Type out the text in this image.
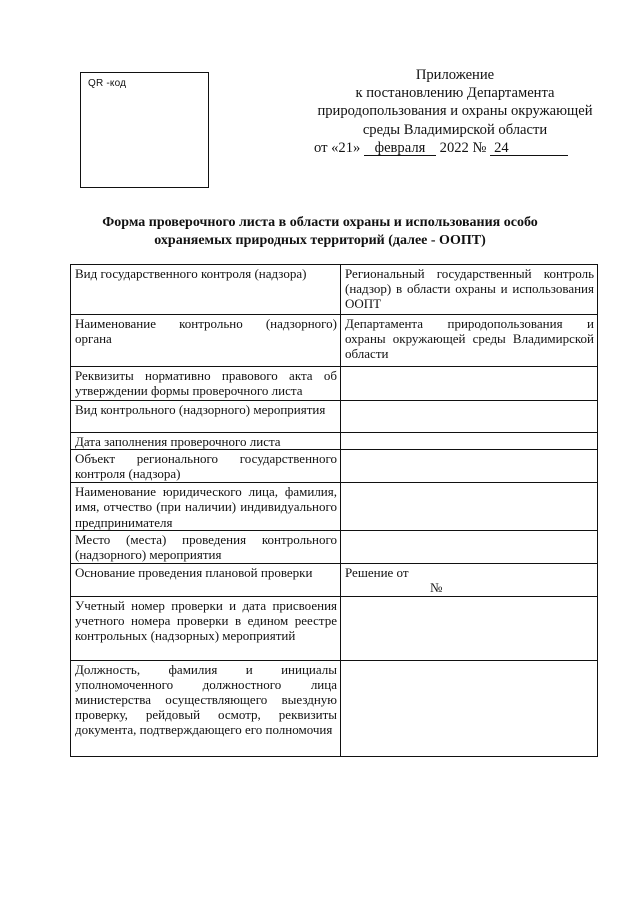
QR -код
Приложение
к постановлению Департамента
природопользования и охраны окружающей
среды Владимирской области
от «21» февраля 2022 № 24
Форма проверочного листа в области охраны и использования особо
охраняемых природных территорий (далее - ООПТ)
Вид государственного контроля (надзора)	Региональный государственный контроль (надзор) в области охраны и использования ООПТ
Наименование контрольно (надзорного) органа	Департамента природопользования и охраны окружающей среды Владимирской области
Реквизиты нормативно правового акта об утверждении формы проверочного листа	
Вид контрольного (надзорного) мероприятия	
Дата заполнения проверочного листа	
Объект регионального государственного контроля (надзора)	
Наименование юридического лица, фамилия, имя, отчество (при наличии) индивидуального предпринимателя	
Место (места) проведения контрольного (надзорного) мероприятия	
Основание проведения плановой проверки	Решение от
№

Учетный номер проверки и дата присвоения учетного номера проверки в едином реестре контрольных (надзорных) мероприятий	
Должность, фамилия и инициалы уполномоченного должностного лица министерства осуществляющего выездную проверку, рейдовый осмотр, реквизиты документа, подтверждающего его полномочия	
